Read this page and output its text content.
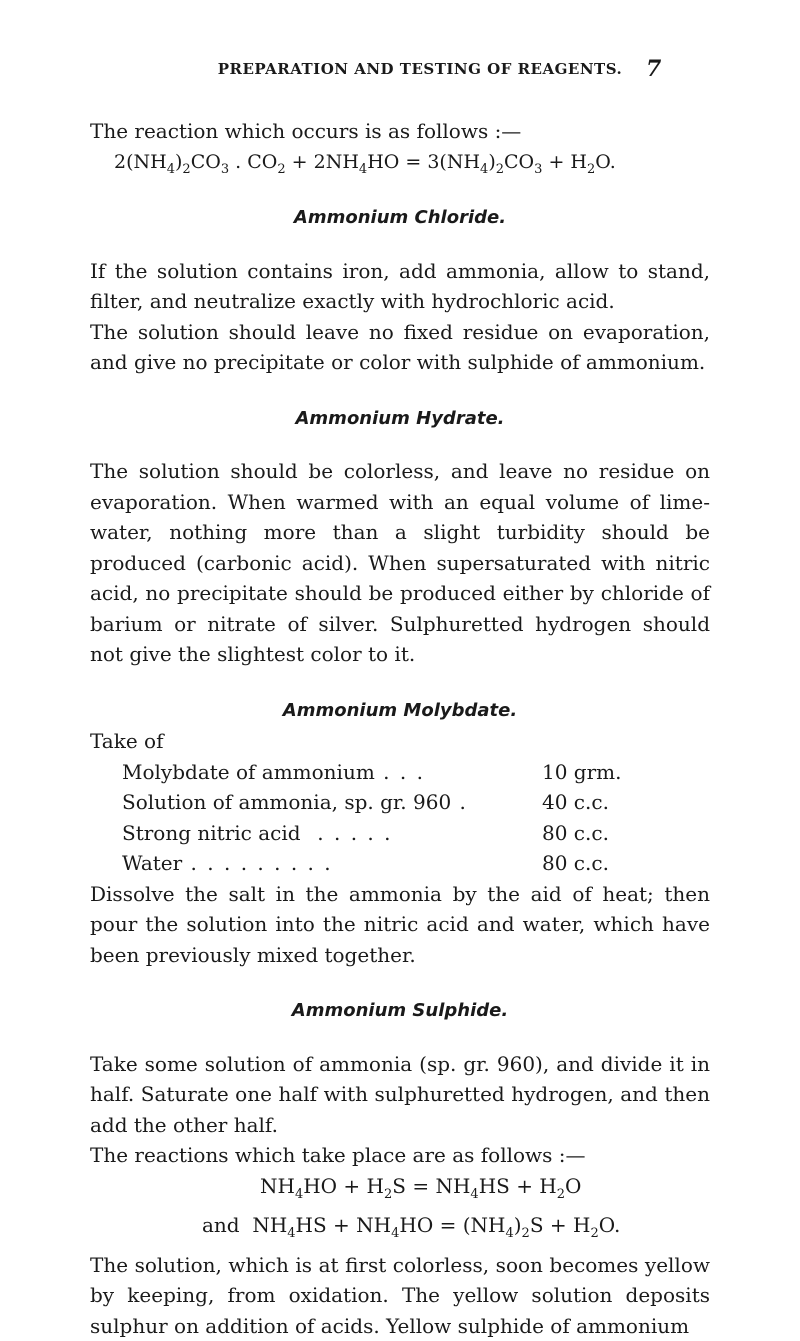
PREPARATION AND TESTING OF REAGENTS.	7

The reaction which occurs is as follows :—

$2(NH_4)_2CO_3$ . $CO_2 + 2NH_4HO = 3(NH_4)_2CO_3 + H_2O$.

Ammonium Chloride.

If the solution contains iron, add ammonia, allow to stand, filter, and neutralize exactly with hydrochloric acid.

The solution should leave no fixed residue on evaporation, and give no precipitate or color with sulphide of ammonium.

Ammonium Hydrate.

The solution should be colorless, and leave no residue on evaporation. When warmed with an equal volume of lime-water, nothing more than a slight turbidity should be produced (carbonic acid). When supersaturated with nitric acid, no precipitate should be produced either by chloride of barium or nitrate of silver. Sulphuretted hydrogen should not give the slightest color to it.

Ammonium Molybdate.

Take of

Molybdate of ammonium . . .	10 grm.
Solution of ammonia, sp. gr. 960 .	40 c.c.
Strong nitric acid . . . . .	80 c.c.
Water . . . . . . . . .	80 c.c.

Dissolve the salt in the ammonia by the aid of heat; then pour the solution into the nitric acid and water, which have been previously mixed together.

Ammonium Sulphide.

Take some solution of ammonia (sp. gr. 960), and divide it in half. Saturate one half with sulphuretted hydrogen, and then add the other half.

The reactions which take place are as follows :—

$NH_4HO + H_2S = NH_4HS + H_2O$

and  $NH_4HS + NH_4HO = (NH_4)_2S + H_2O$.

The solution, which is at first colorless, soon becomes yellow by keeping, from oxidation. The yellow solution deposits sulphur on addition of acids. Yellow sulphide of ammonium
